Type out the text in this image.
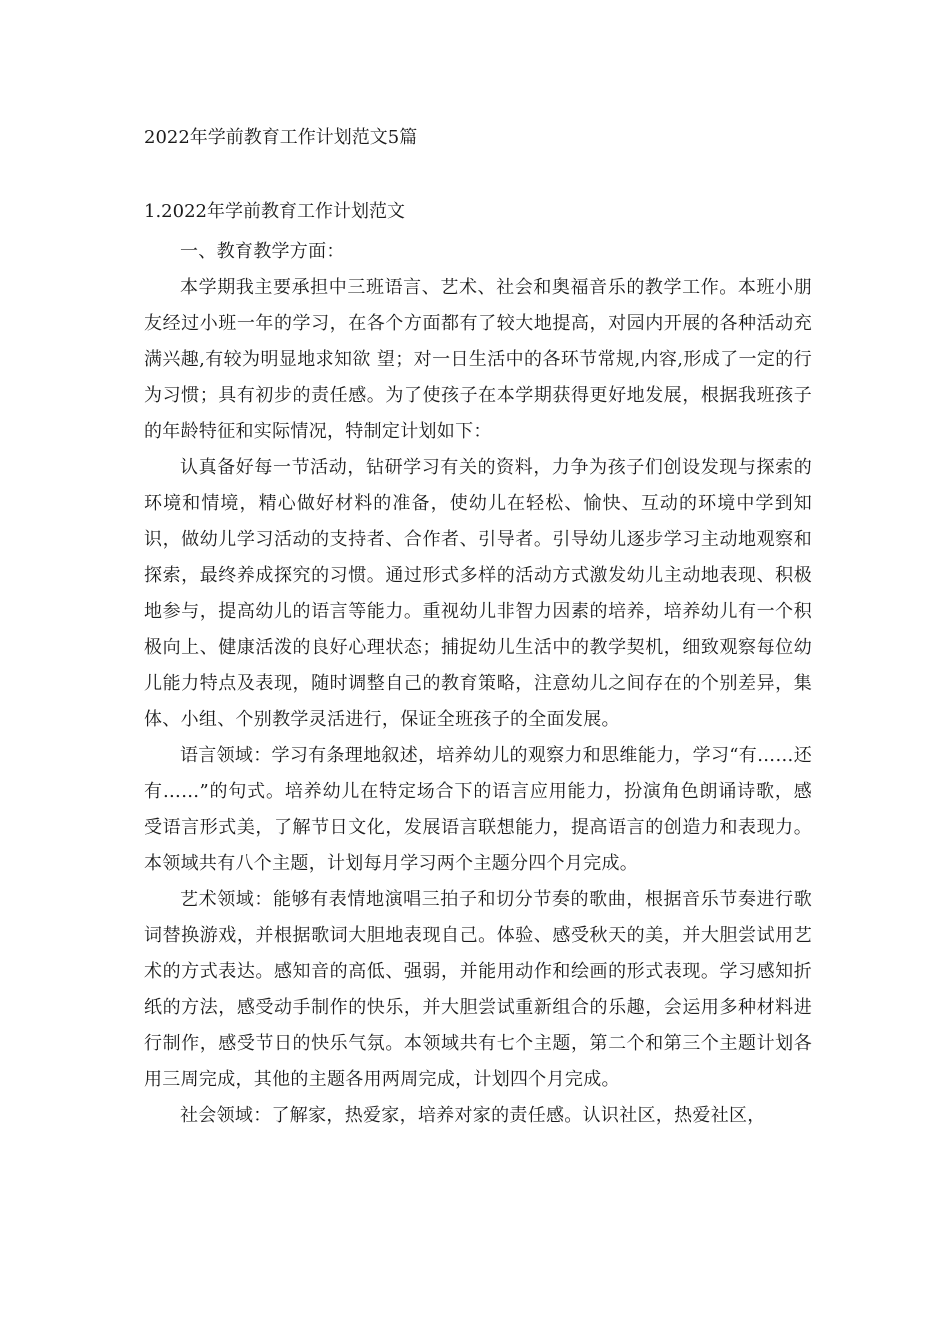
2022年学前教育工作计划范文5篇
1.2022年学前教育工作计划范文

一、教育教学方面：

本学期我主要承担中三班语言、艺术、社会和奥福音乐的教学工作。本班小朋友经过小班一年的学习，在各个方面都有了较大地提高，对园内开展的各种活动充满兴趣,有较为明显地求知欲 望；对一日生活中的各环节常规,内容,形成了一定的行为习惯；具有初步的责任感。为了使孩子在本学期获得更好地发展，根据我班孩子的年龄特征和实际情况，特制定计划如下：

认真备好每一节活动，钻研学习有关的资料，力争为孩子们创设发现与探索的环境和情境，精心做好材料的准备，使幼儿在轻松、愉快、互动的环境中学到知识，做幼儿学习活动的支持者、合作者、引导者。引导幼儿逐步学习主动地观察和探索，最终养成探究的习惯。通过形式多样的活动方式激发幼儿主动地表现、积极地参与，提高幼儿的语言等能力。重视幼儿非智力因素的培养，培养幼儿有一个积极向上、健康活泼的良好心理状态；捕捉幼儿生活中的教学契机，细致观察每位幼儿能力特点及表现，随时调整自己的教育策略，注意幼儿之间存在的个别差异，集体、小组、个别教学灵活进行，保证全班孩子的全面发展。

语言领域：学习有条理地叙述，培养幼儿的观察力和思维能力，学习“有……还有……”的句式。培养幼儿在特定场合下的语言应用能力，扮演角色朗诵诗歌，感受语言形式美，了解节日文化，发展语言联想能力，提高语言的创造力和表现力。本领域共有八个主题，计划每月学习两个主题分四个月完成。

艺术领域：能够有表情地演唱三拍子和切分节奏的歌曲，根据音乐节奏进行歌词替换游戏，并根据歌词大胆地表现自己。体验、感受秋天的美，并大胆尝试用艺术的方式表达。感知音的高低、强弱，并能用动作和绘画的形式表现。学习感知折纸的方法，感受动手制作的快乐，并大胆尝试重新组合的乐趣，会运用多种材料进行制作，感受节日的快乐气氛。本领域共有七个主题，第二个和第三个主题计划各用三周完成，其他的主题各用两周完成，计划四个月完成。

社会领域：了解家，热爱家，培养对家的责任感。认识社区，热爱社区，
